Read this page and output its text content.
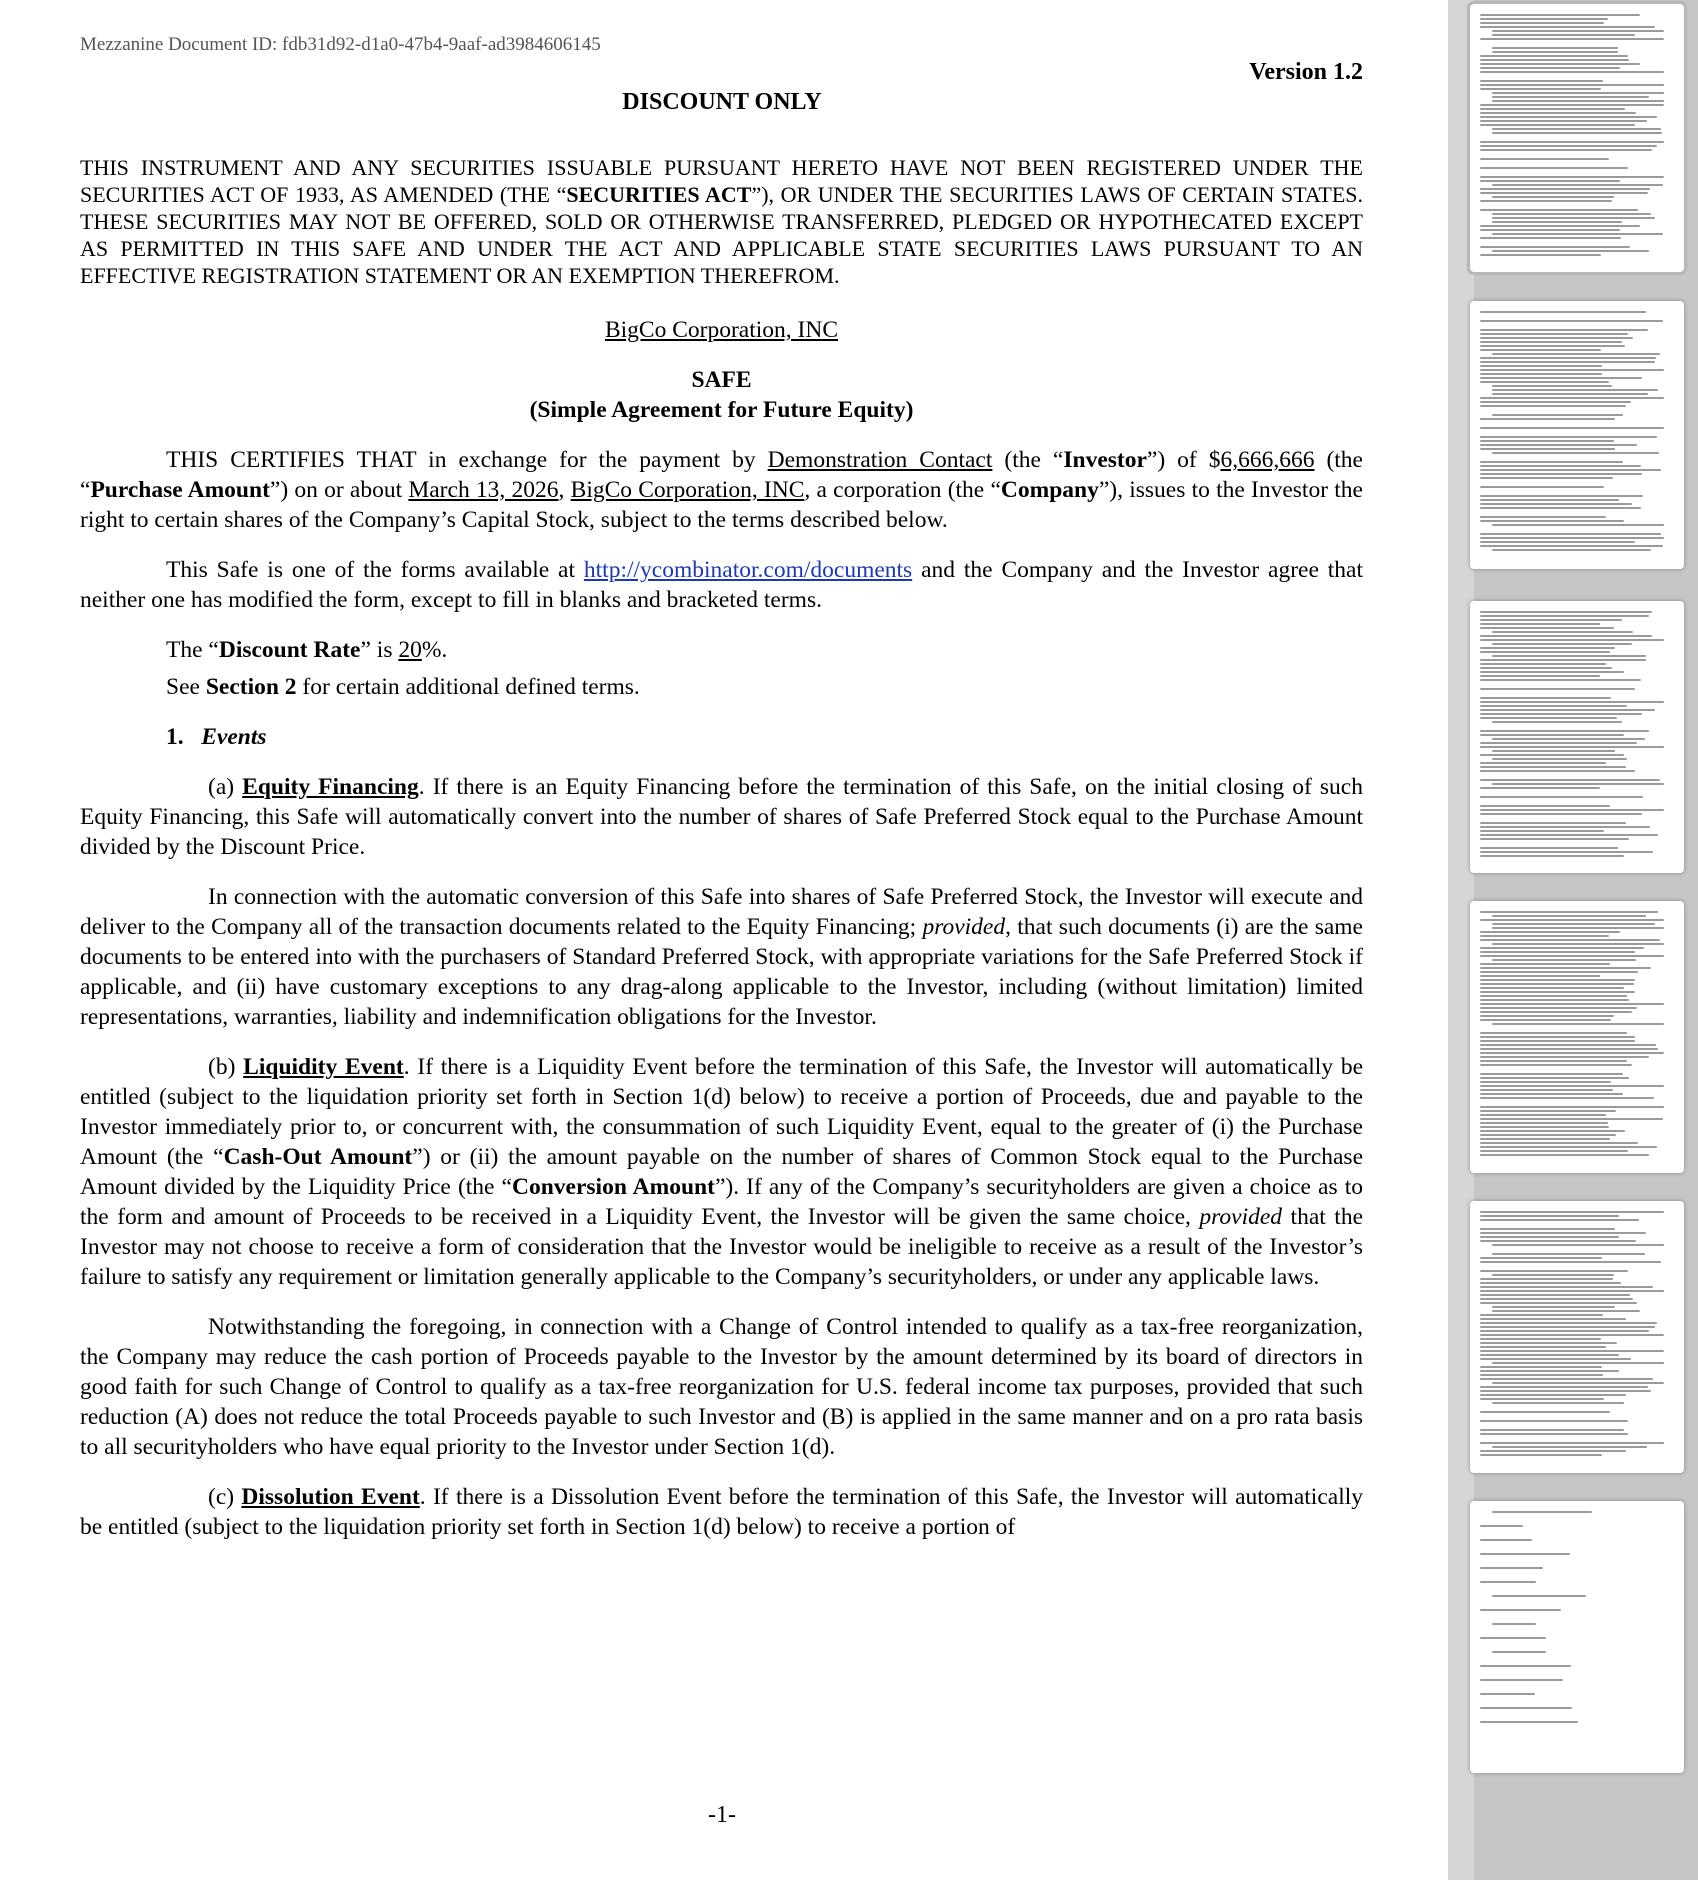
Mezzanine Document ID: fdb31d92-d1a0-47b4-9aaf-ad3984606145
Version 1.2
DISCOUNT ONLY

THIS INSTRUMENT AND ANY SECURITIES ISSUABLE PURSUANT HERETO HAVE NOT BEEN REGISTERED UNDER THE SECURITIES ACT OF 1933, AS AMENDED (THE “SECURITIES ACT”), OR UNDER THE SECURITIES LAWS OF CERTAIN STATES. THESE SECURITIES MAY NOT BE OFFERED, SOLD OR OTHERWISE TRANSFERRED, PLEDGED OR HYPOTHECATED EXCEPT AS PERMITTED IN THIS SAFE AND UNDER THE ACT AND APPLICABLE STATE SECURITIES LAWS PURSUANT TO AN EFFECTIVE REGISTRATION STATEMENT OR AN EXEMPTION THEREFROM.

BigCo Corporation, INC

SAFE

(Simple Agreement for Future Equity)

THIS CERTIFIES THAT in exchange for the payment by Demonstration Contact (the “Investor”) of $6,666,666 (the “Purchase Amount”) on or about March 13, 2026, BigCo Corporation, INC, a corporation (the “Company”), issues to the Investor the right to certain shares of the Company’s Capital Stock, subject to the terms described below.

This Safe is one of the forms available at http://ycombinator.com/documents and the Company and the Investor agree that neither one has modified the form, except to fill in blanks and bracketed terms.

The “Discount Rate” is 20%.

See Section 2 for certain additional defined terms.

1. Events

(a) Equity Financing. If there is an Equity Financing before the termination of this Safe, on the initial closing of such Equity Financing, this Safe will automatically convert into the number of shares of Safe Preferred Stock equal to the Purchase Amount divided by the Discount Price.

In connection with the automatic conversion of this Safe into shares of Safe Preferred Stock, the Investor will execute and deliver to the Company all of the transaction documents related to the Equity Financing; provided, that such documents (i) are the same documents to be entered into with the purchasers of Standard Preferred Stock, with appropriate variations for the Safe Preferred Stock if applicable, and (ii) have customary exceptions to any drag-along applicable to the Investor, including (without limitation) limited representations, warranties, liability and indemnification obligations for the Investor.

(b) Liquidity Event. If there is a Liquidity Event before the termination of this Safe, the Investor will automatically be entitled (subject to the liquidation priority set forth in Section 1(d) below) to receive a portion of Proceeds, due and payable to the Investor immediately prior to, or concurrent with, the consummation of such Liquidity Event, equal to the greater of (i) the Purchase Amount (the “Cash-Out Amount”) or (ii) the amount payable on the number of shares of Common Stock equal to the Purchase Amount divided by the Liquidity Price (the “Conversion Amount”). If any of the Company’s securityholders are given a choice as to the form and amount of Proceeds to be received in a Liquidity Event, the Investor will be given the same choice, provided that the Investor may not choose to receive a form of consideration that the Investor would be ineligible to receive as a result of the Investor’s failure to satisfy any requirement or limitation generally applicable to the Company’s securityholders, or under any applicable laws.

Notwithstanding the foregoing, in connection with a Change of Control intended to qualify as a tax-free reorganization, the Company may reduce the cash portion of Proceeds payable to the Investor by the amount determined by its board of directors in good faith for such Change of Control to qualify as a tax-free reorganization for U.S. federal income tax purposes, provided that such reduction (A) does not reduce the total Proceeds payable to such Investor and (B) is applied in the same manner and on a pro rata basis to all securityholders who have equal priority to the Investor under Section 1(d).

(c) Dissolution Event. If there is a Dissolution Event before the termination of this Safe, the Investor will automatically be entitled (subject to the liquidation priority set forth in Section 1(d) below) to receive a portion of

-1-
